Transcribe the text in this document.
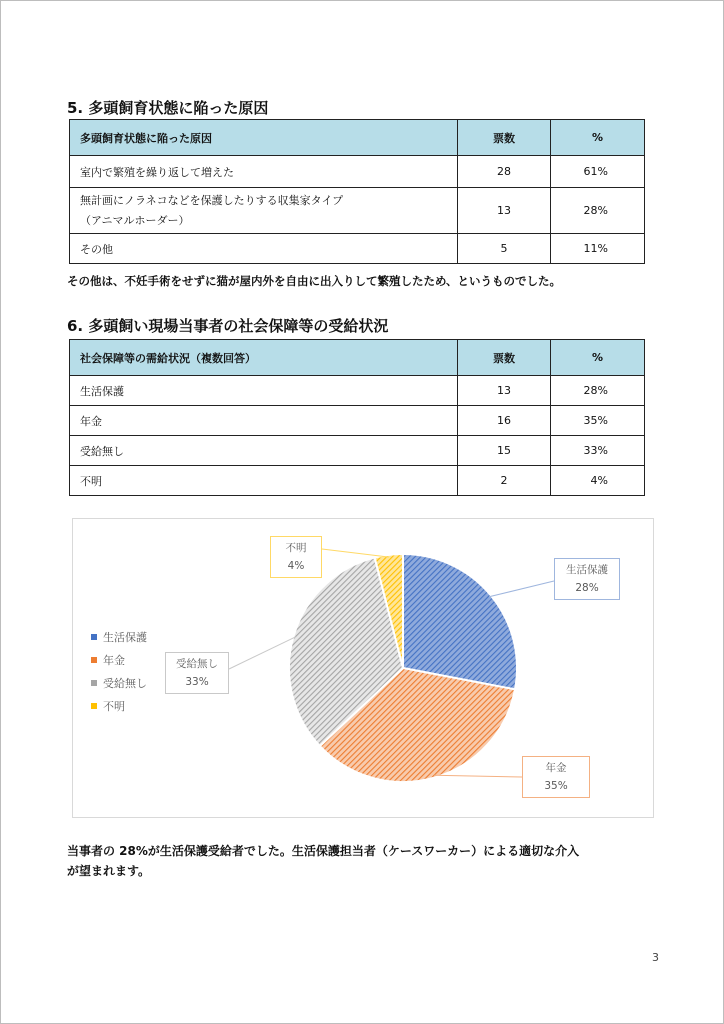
5. 多頭飼育状態に陥った原因
多頭飼育状態に陥った原因	票数	%
室内で繁殖を繰り返して増えた	28	61%

無計画にノラネコなどを保護したりする収集家タイプ
（アニマルホーダー）	13	28%
その他	5	11%
その他は、不妊手術をせずに猫が屋内外を自由に出入りして繁殖したため、というものでした。
6. 多頭飼い現場当事者の社会保障等の受給状況
社会保障等の需給状況（複数回答）	票数	%
生活保護	13	28%
年金	16	35%
受給無し	15	33%
不明	2	4%
生活保護
年金
受給無し
不明
生活保護
28%
年金
35%
受給無し
33%
不明
4%
当事者の 28%が生活保護受給者でした。生活保護担当者（ケースワーカー）による適切な介入
が望まれます。
3
